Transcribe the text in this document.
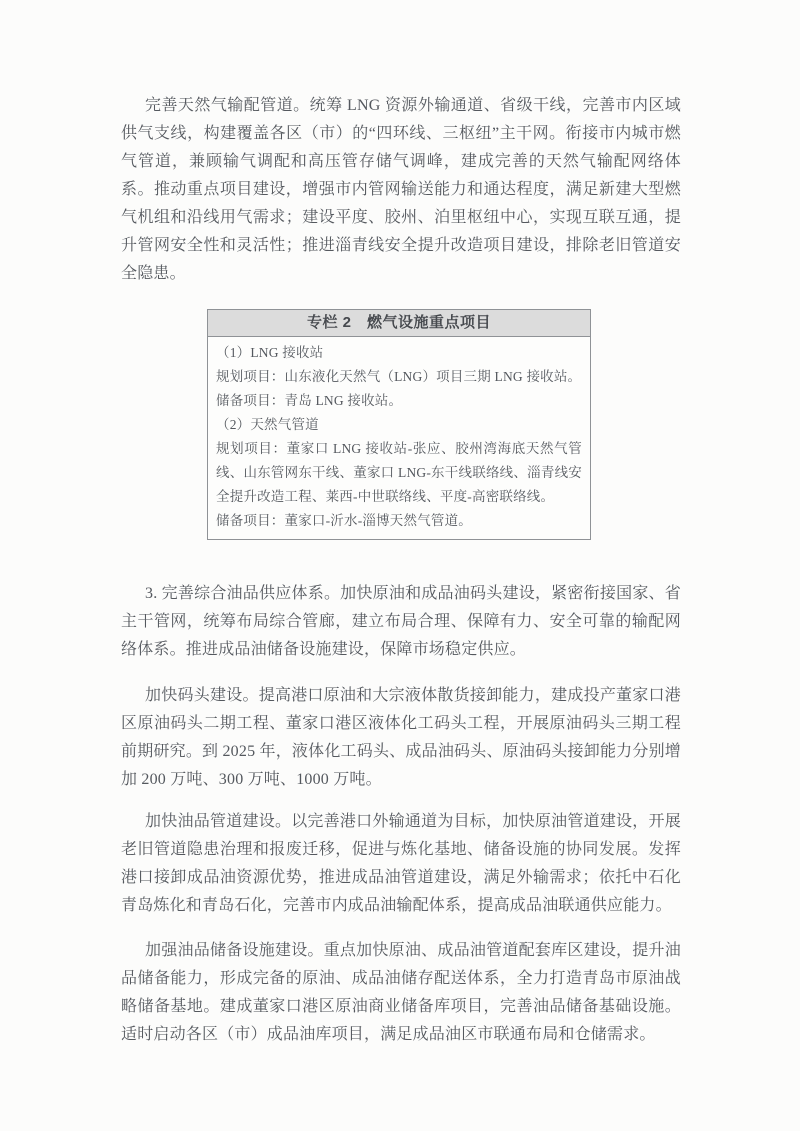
完善天然气输配管道。统筹 LNG 资源外输通道、省级干线，完善市内区域供气支线，构建覆盖各区（市）的“四环线、三枢纽”主干网。衔接市内城市燃气管道，兼顾输气调配和高压管存储气调峰，建成完善的天然气输配网络体系。推动重点项目建设，增强市内管网输送能力和通达程度，满足新建大型燃气机组和沿线用气需求；建设平度、胶州、泊里枢纽中心，实现互联互通，提升管网安全性和灵活性；推进淄青线安全提升改造项目建设，排除老旧管道安全隐患。

专栏 2　燃气设施重点项目

（1）LNG 接收站

规划项目：山东液化天然气（LNG）项目三期 LNG 接收站。

储备项目：青岛 LNG 接收站。

（2）天然气管道

规划项目：董家口 LNG 接收站-张应、胶州湾海底天然气管线、山东管网东干线、董家口 LNG-东干线联络线、淄青线安全提升改造工程、莱西-中世联络线、平度-高密联络线。

储备项目：董家口-沂水-淄博天然气管道。

3. 完善综合油品供应体系。加快原油和成品油码头建设，紧密衔接国家、省主干管网，统筹布局综合管廊，建立布局合理、保障有力、安全可靠的输配网络体系。推进成品油储备设施建设，保障市场稳定供应。

加快码头建设。提高港口原油和大宗液体散货接卸能力，建成投产董家口港区原油码头二期工程、董家口港区液体化工码头工程，开展原油码头三期工程前期研究。到 2025 年，液体化工码头、成品油码头、原油码头接卸能力分别增加 200 万吨、300 万吨、1000 万吨。

加快油品管道建设。以完善港口外输通道为目标，加快原油管道建设，开展老旧管道隐患治理和报废迁移，促进与炼化基地、储备设施的协同发展。发挥港口接卸成品油资源优势，推进成品油管道建设，满足外输需求；依托中石化青岛炼化和青岛石化，完善市内成品油输配体系，提高成品油联通供应能力。

加强油品储备设施建设。重点加快原油、成品油管道配套库区建设，提升油品储备能力，形成完备的原油、成品油储存配送体系，全力打造青岛市原油战略储备基地。建成董家口港区原油商业储备库项目，完善油品储备基础设施。适时启动各区（市）成品油库项目，满足成品油区市联通布局和仓储需求。
